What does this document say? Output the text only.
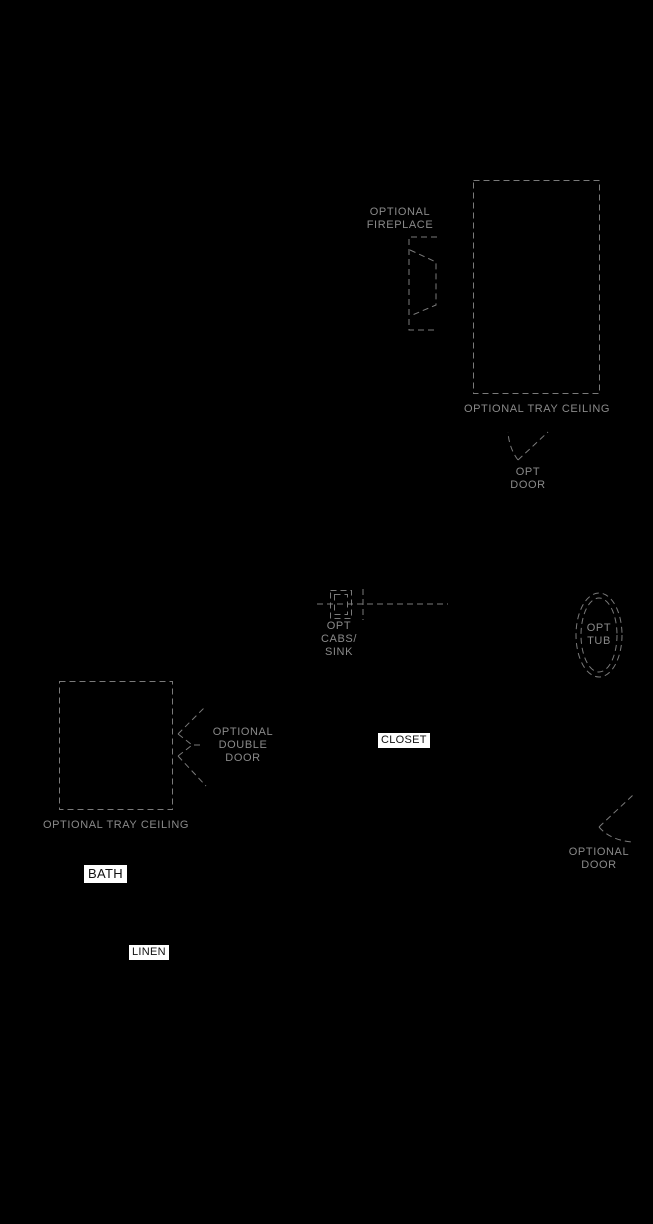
OPTIONAL
FIREPLACE
OPTIONAL TRAY CEILING
OPT
DOOR
OPT
CABS/
SINK
OPT
TUB
OPTIONAL
DOUBLE
DOOR
OPTIONAL TRAY CEILING
OPTIONAL
DOOR
CLOSET
BATH
LINEN
